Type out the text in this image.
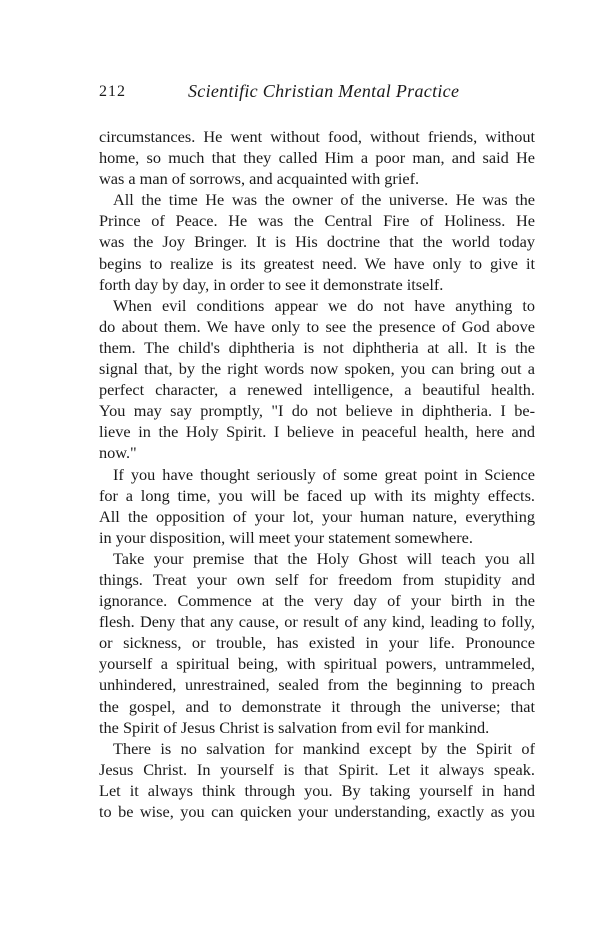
212	Scientific Christian Mental Practice
circumstances. He went without food, without friends, without
home, so much that they called Him a poor man, and said He
was a man of sorrows, and acquainted with grief.
All the time He was the owner of the universe. He was the
Prince of Peace. He was the Central Fire of Holiness. He
was the Joy Bringer. It is His doctrine that the world today
begins to realize is its greatest need. We have only to give it
forth day by day, in order to see it demonstrate itself.
When evil conditions appear we do not have anything to
do about them. We have only to see the presence of God above
them. The child's diphtheria is not diphtheria at all. It is the
signal that, by the right words now spoken, you can bring out a
perfect character, a renewed intelligence, a beautiful health.
You may say promptly, "I do not believe in diphtheria. I be-
lieve in the Holy Spirit. I believe in peaceful health, here and
now."
If you have thought seriously of some great point in Science
for a long time, you will be faced up with its mighty effects.
All the opposition of your lot, your human nature, everything
in your disposition, will meet your statement somewhere.
Take your premise that the Holy Ghost will teach you all
things. Treat your own self for freedom from stupidity and
ignorance. Commence at the very day of your birth in the
flesh. Deny that any cause, or result of any kind, leading to folly,
or sickness, or trouble, has existed in your life. Pronounce
yourself a spiritual being, with spiritual powers, untrammeled,
unhindered, unrestrained, sealed from the beginning to preach
the gospel, and to demonstrate it through the universe; that
the Spirit of Jesus Christ is salvation from evil for mankind.
There is no salvation for mankind except by the Spirit of
Jesus Christ. In yourself is that Spirit. Let it always speak.
Let it always think through you. By taking yourself in hand
to be wise, you can quicken your understanding, exactly as you
